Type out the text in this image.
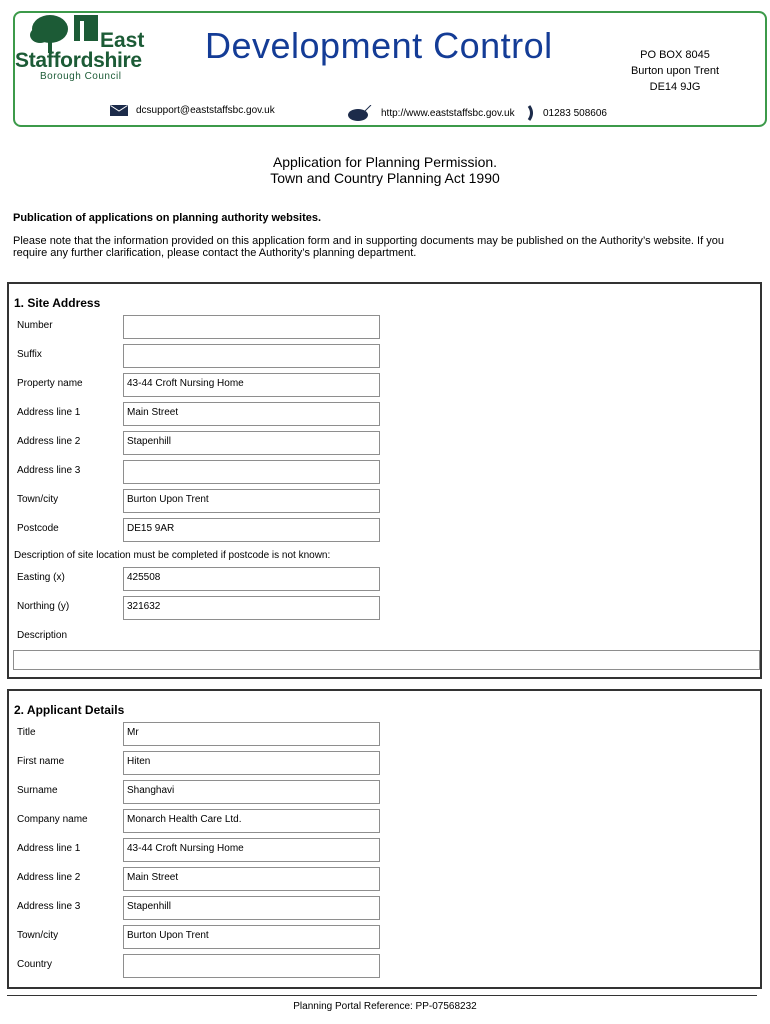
East
Staffordshire
Borough Council
Development Control	PO BOX 8045
Burton upon Trent
DE14 9JG
dcsupport@eaststaffsbc.gov.uk	http://www.eaststaffsbc.gov.uk	01283 508606
Application for Planning Permission.
Town and Country Planning Act 1990
Publication of applications on planning authority websites.
Please note that the information provided on this application form and in supporting documents may be published on the Authority’s website. If you require any further clarification, please contact the Authority’s planning department.
1. Site Address
Number
Suffix
Property name	43-44 Croft Nursing Home
Address line 1	Main Street
Address line 2	Stapenhill
Address line 3
Town/city	Burton Upon Trent
Postcode	DE15 9AR
Description of site location must be completed if postcode is not known:
Easting (x)	425508
Northing (y)	321632
Description
2. Applicant Details
Title	Mr
First name	Hiten
Surname	Shanghavi
Company name	Monarch Health Care Ltd.
Address line 1	43-44 Croft Nursing Home
Address line 2	Main Street
Address line 3	Stapenhill
Town/city	Burton Upon Trent
Country
Planning Portal Reference: PP-07568232
